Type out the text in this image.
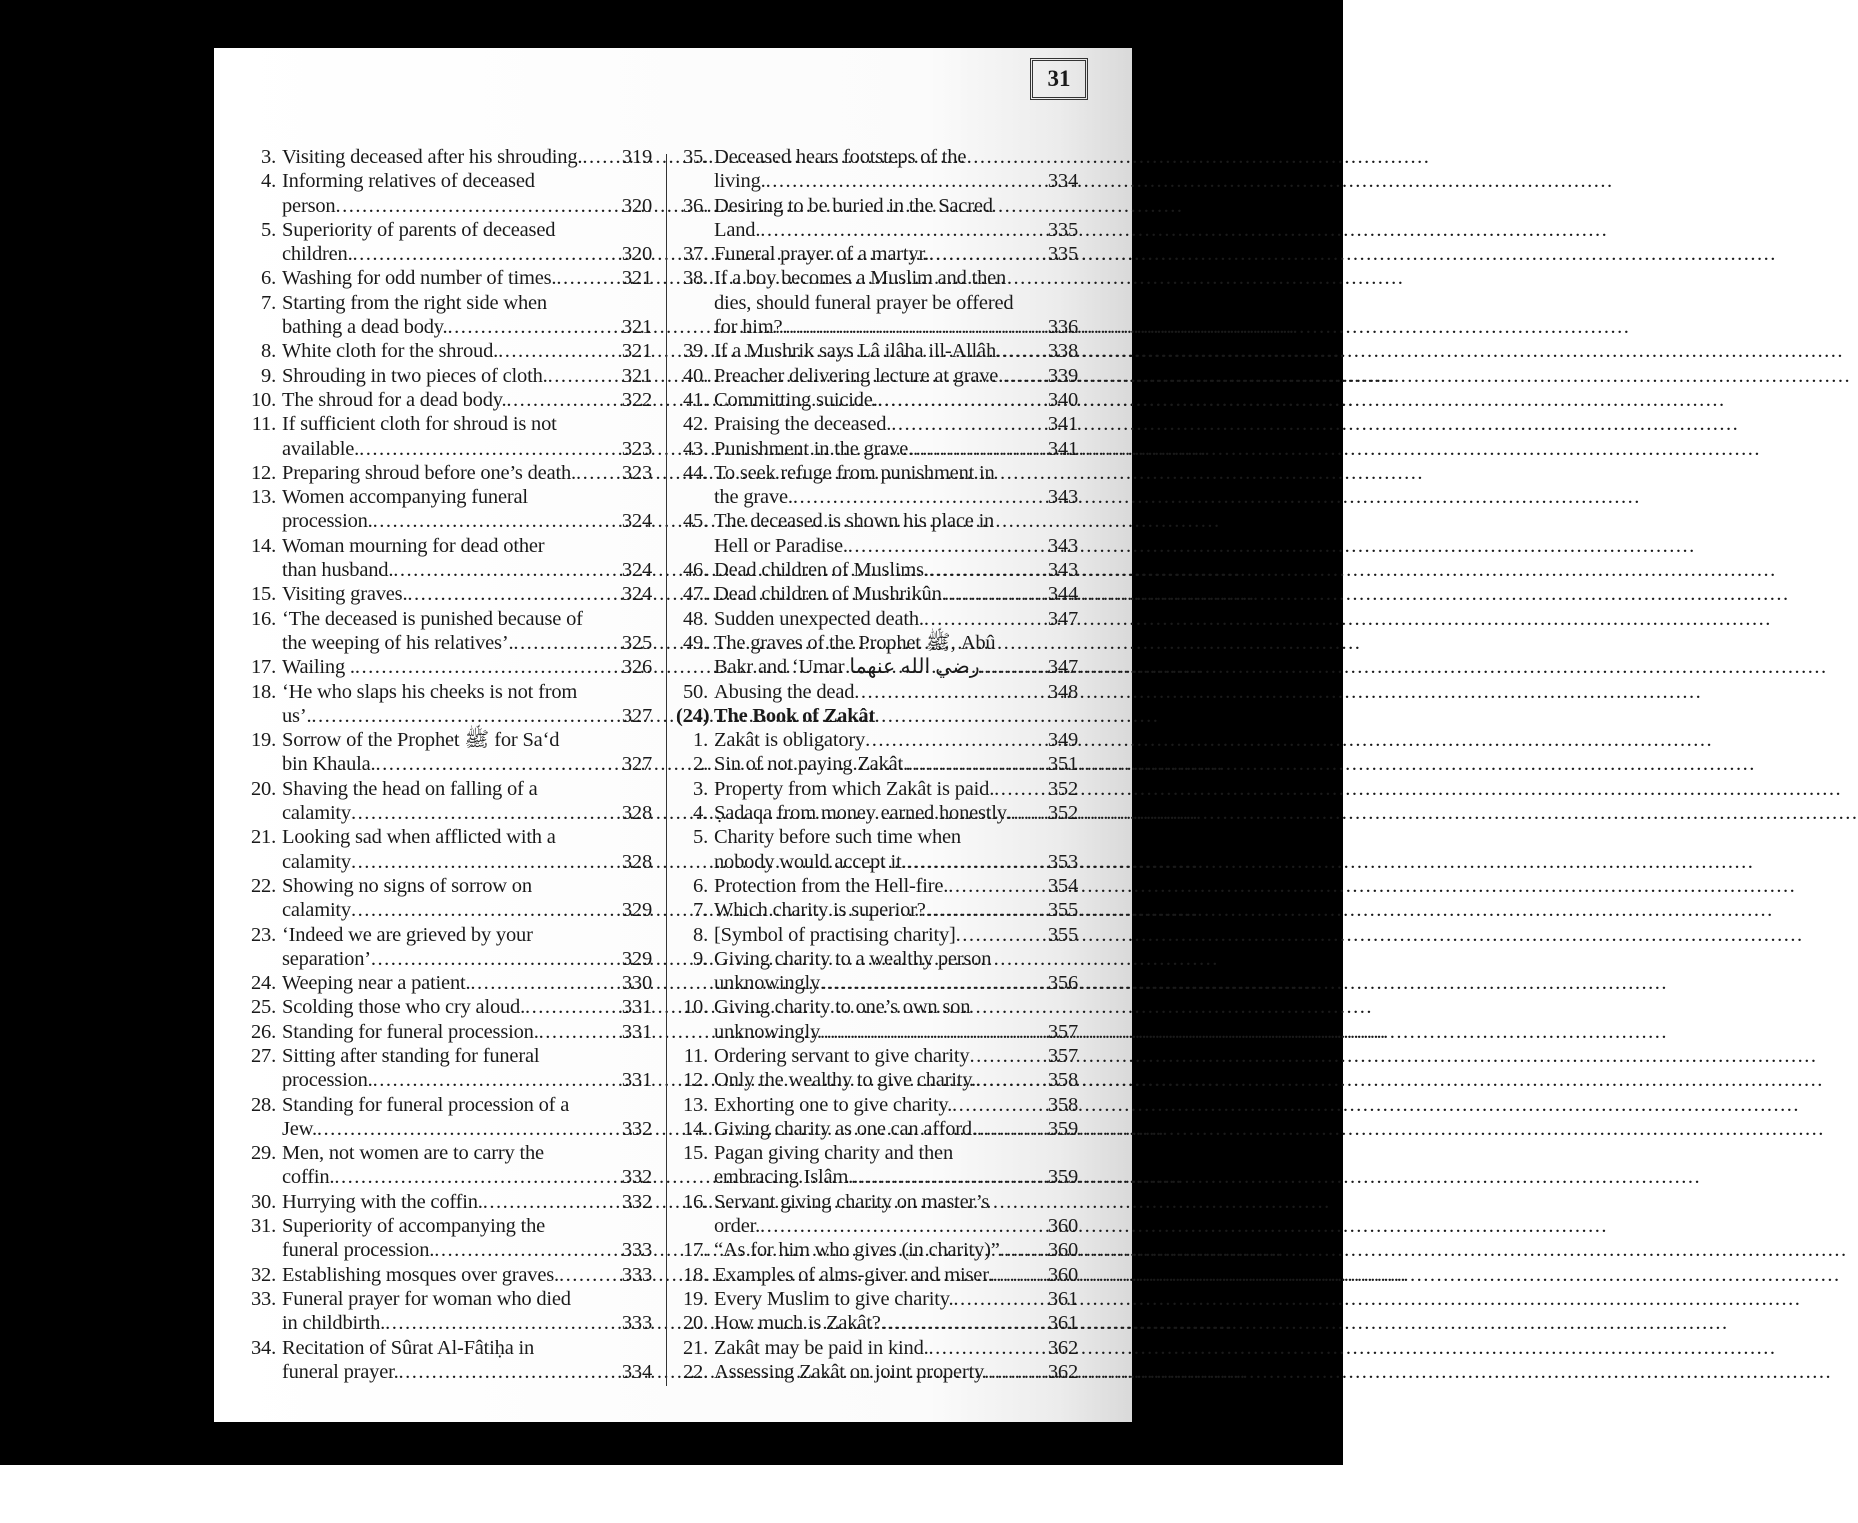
31
3. Visiting deceased after his shrouding. ..... 319
4. Informing relatives of deceased
person .....	320
5. Superiority of parents of deceased
children. .....	320
6. Washing for odd number of times. .....	321
7. Starting from the right side when
bathing a dead body. .....	321
8. White cloth for the shroud. .....	321
9. Shrouding in two pieces of cloth. .....	321
10. The shroud for a dead body. .....	322
11. If sufficient cloth for shroud is not
available. .....	323
12. Preparing shroud before one’s death. ..... 323
13. Women accompanying funeral
procession. .....	324
14. Woman mourning for dead other
than husband. .....	324
15. Visiting graves. .....	324
16. ‘The deceased is punished because of
the weeping of his relatives’. .....	325
17. Wailing . .....	326
18. ‘He who slaps his cheeks is not from
us’. .....	327
19. Sorrow of the Prophet ﷺ for Sa‘d
bin Khaula. .....	327
20. Shaving the head on falling of a
calamity .....	328
21. Looking sad when afflicted with a
calamity .....	328
22. Showing no signs of sorrow on
calamity .....	329
23. ‘Indeed we are grieved by your
separation’ .....	329
24. Weeping near a patient. .....	330
25. Scolding those who cry aloud. .....	331
26. Standing for funeral procession. .....	331
27. Sitting after standing for funeral
procession. .....	331
28. Standing for funeral procession of a
Jew. .....	332
29. Men, not women are to carry the
coffin. .....	332
30. Hurrying with the coffin. .....	332
31. Superiority of accompanying the
funeral procession. .....	333
32. Establishing mosques over graves. .....	333
33. Funeral prayer for woman who died
in childbirth. .....	333
34. Recitation of Sûrat Al-Fâtiḥa in
funeral prayer. .....	334
35. Deceased hears footsteps of the
living. .....	334
36. Desiring to be buried in the Sacred
Land. .....	335
37. Funeral prayer of a martyr. .....	335
38. If a boy becomes a Muslim and then
dies, should funeral prayer be offered
for him? .....	336
39. If a Mushrik says Lâ ilâha ill-Allâh .....	338
40. Preacher delivering lecture at grave. ..... 339
41. Committing suicide. .....	340
42. Praising the deceased. .....	341
43. Punishment in the grave. .....	341
44. To seek refuge from punishment in
the grave. .....	343
45. The deceased is shown his place in
Hell or Paradise. .....	343
46. Dead children of Muslims. .....	343
47. Dead children of Mushrikûn .....	344
48. Sudden unexpected death. .....	347
49. The graves of the Prophet ﷺ, Abû
Bakr and ‘Umar رضي الله عنهما .....	347
50. Abusing the dead .....	348
(24) The Book of Zakât
1. Zakât is obligatory .....	349
2. Sin of not paying Zakât. .....	351
3. Property from which Zakât is paid. .....	352
4. Ṣadaqa from money earned honestly. ..... 352
5. Charity before such time when
nobody would accept it. .....	353
6. Protection from the Hell-fire. .....	354
7. Which charity is superior? .....	355
8. [Symbol of practising charity] .....	355
9. Giving charity to a wealthy person
unknowingly .....	356
10. Giving charity to one’s own son
unknowingly .....	357
11. Ordering servant to give charity .....	357
12. Only the wealthy to give charity. .....	358
13. Exhorting one to give charity. .....	358
14. Giving charity as one can afford. .....	359
15. Pagan giving charity and then
embracing Islâm. .....	359
16. Servant giving charity on master’s
order. .....	360
17. “As for him who gives (in charity)” ..... 360
18. Examples of alms-giver and miser. .....	360
19. Every Muslim to give charity. .....	361
20. How much is Zakât? .....	361
21. Zakât may be paid in kind. .....	362
22. Assessing Zakât on joint property .....	362
